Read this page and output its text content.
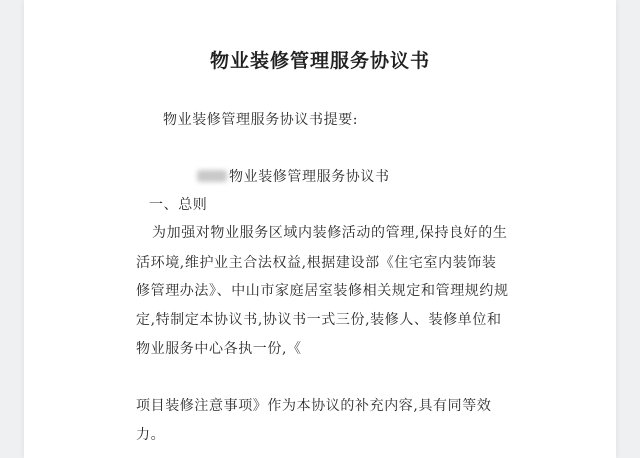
物业装修管理服务协议书
物业装修管理服务协议书提要:
物业装修管理服务协议书
一、总则
为加强对物业服务区域内装修活动的管理,保持良好的生
活环境,维护业主合法权益,根据建设部《住宅室内装饰装
修管理办法》、中山市家庭居室装修相关规定和管理规约规
定,特制定本协议书,协议书一式三份,装修人、装修单位和
物业服务中心各执一份,《
项目装修注意事项》作为本协议的补充内容,具有同等效
力。
